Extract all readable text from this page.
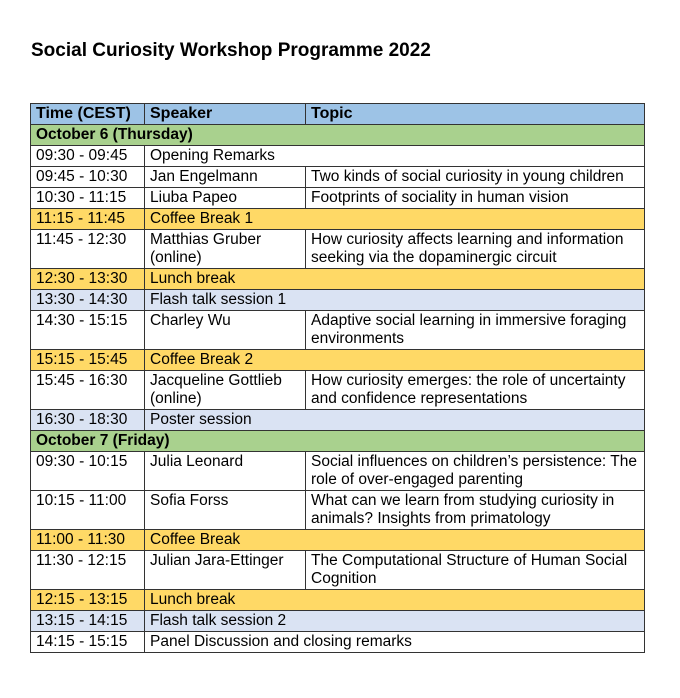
Social Curiosity Workshop Programme 2022
Time (CEST)	Speaker	Topic
October 6 (Thursday)		
09:30 - 09:45	Opening Remarks	
09:45 - 10:30	Jan Engelmann	Two kinds of social curiosity in young children
10:30 - 11:15	Liuba Papeo	Footprints of sociality in human vision
11:15 - 11:45	Coffee Break 1	
11:45 - 12:30	Matthias Gruber (online)	How curiosity affects learning and information seeking via the dopaminergic circuit
12:30 - 13:30	Lunch break	
13:30 - 14:30	Flash talk session 1	
14:30 - 15:15	Charley Wu	Adaptive social learning in immersive foraging environments
15:15 - 15:45	Coffee Break 2	
15:45 - 16:30	Jacqueline Gottlieb (online)	How curiosity emerges: the role of uncertainty and confidence representations
16:30 - 18:30	Poster session	
October 7 (Friday)		
09:30 - 10:15	Julia Leonard	Social influences on children’s persistence: The role of over-engaged parenting
10:15 - 11:00	Sofia Forss	What can we learn from studying curiosity in animals? Insights from primatology
11:00 - 11:30	Coffee Break	
11:30 - 12:15	Julian Jara-Ettinger	The Computational Structure of Human Social Cognition
12:15 - 13:15	Lunch break	
13:15 - 14:15	Flash talk session 2	
14:15 - 15:15	Panel Discussion and closing remarks	
